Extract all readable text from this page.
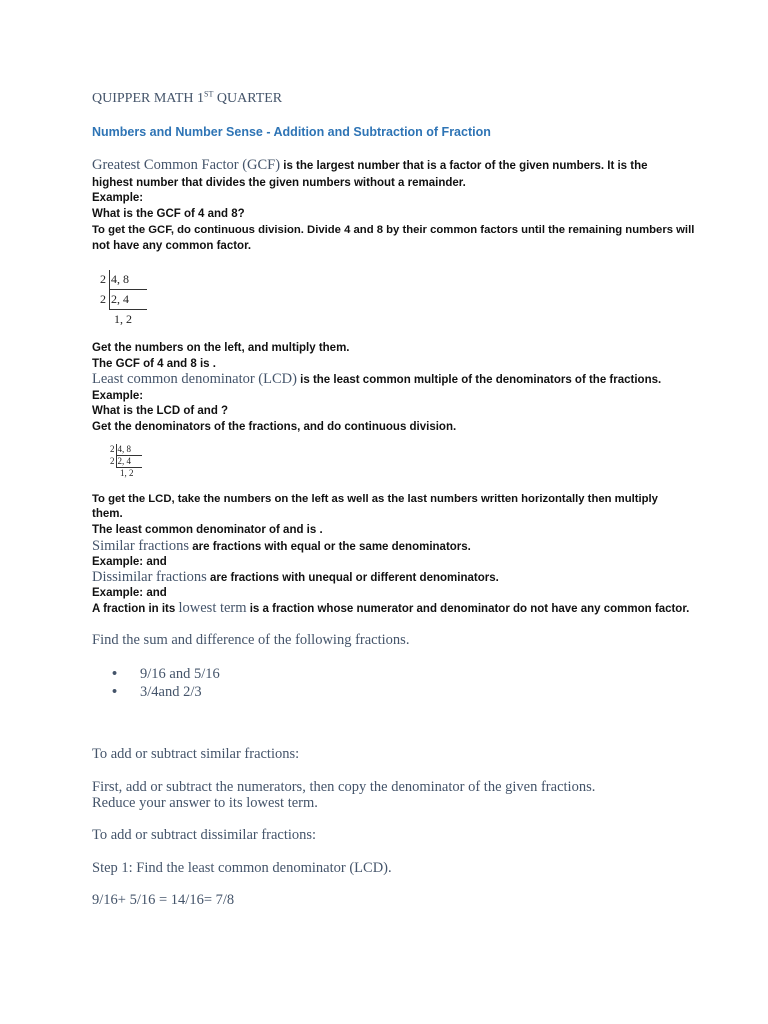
QUIPPER MATH 1ST QUARTER
Numbers and Number Sense - Addition and Subtraction of Fraction
Greatest Common Factor (GCF) is the largest number that is a factor of the given numbers. It is the
highest number that divides the given numbers without a remainder.
Example:
What is the GCF of 4 and 8?
To get the GCF, do continuous division. Divide 4 and 8 by their common factors until the remaining numbers will
not have any common factor.
2 4, 8
2 2, 4
1, 2
Get the numbers on the left, and multiply them.
The GCF of 4 and 8 is .
Least common denominator (LCD) is the least common multiple of the denominators of the fractions.
Example:
What is the LCD of and ?
Get the denominators of the fractions, and do continuous division.
2 4, 8
2 2, 4
1, 2
To get the LCD, take the numbers on the left as well as the last numbers written horizontally then multiply
them.
The least common denominator of and is .
Similar fractions are fractions with equal or the same denominators.
Example: and
Dissimilar fractions are fractions with unequal or different denominators.
Example: and
A fraction in its lowest term is a fraction whose numerator and denominator do not have any common factor.
Find the sum and difference of the following fractions.
• 9/16 and 5/16
• 3/4and 2/3
To add or subtract similar fractions:
First, add or subtract the numerators, then copy the denominator of the given fractions.
Reduce your answer to its lowest term.
To add or subtract dissimilar fractions:
Step 1: Find the least common denominator (LCD).
9/16+ 5/16 = 14/16= 7/8
